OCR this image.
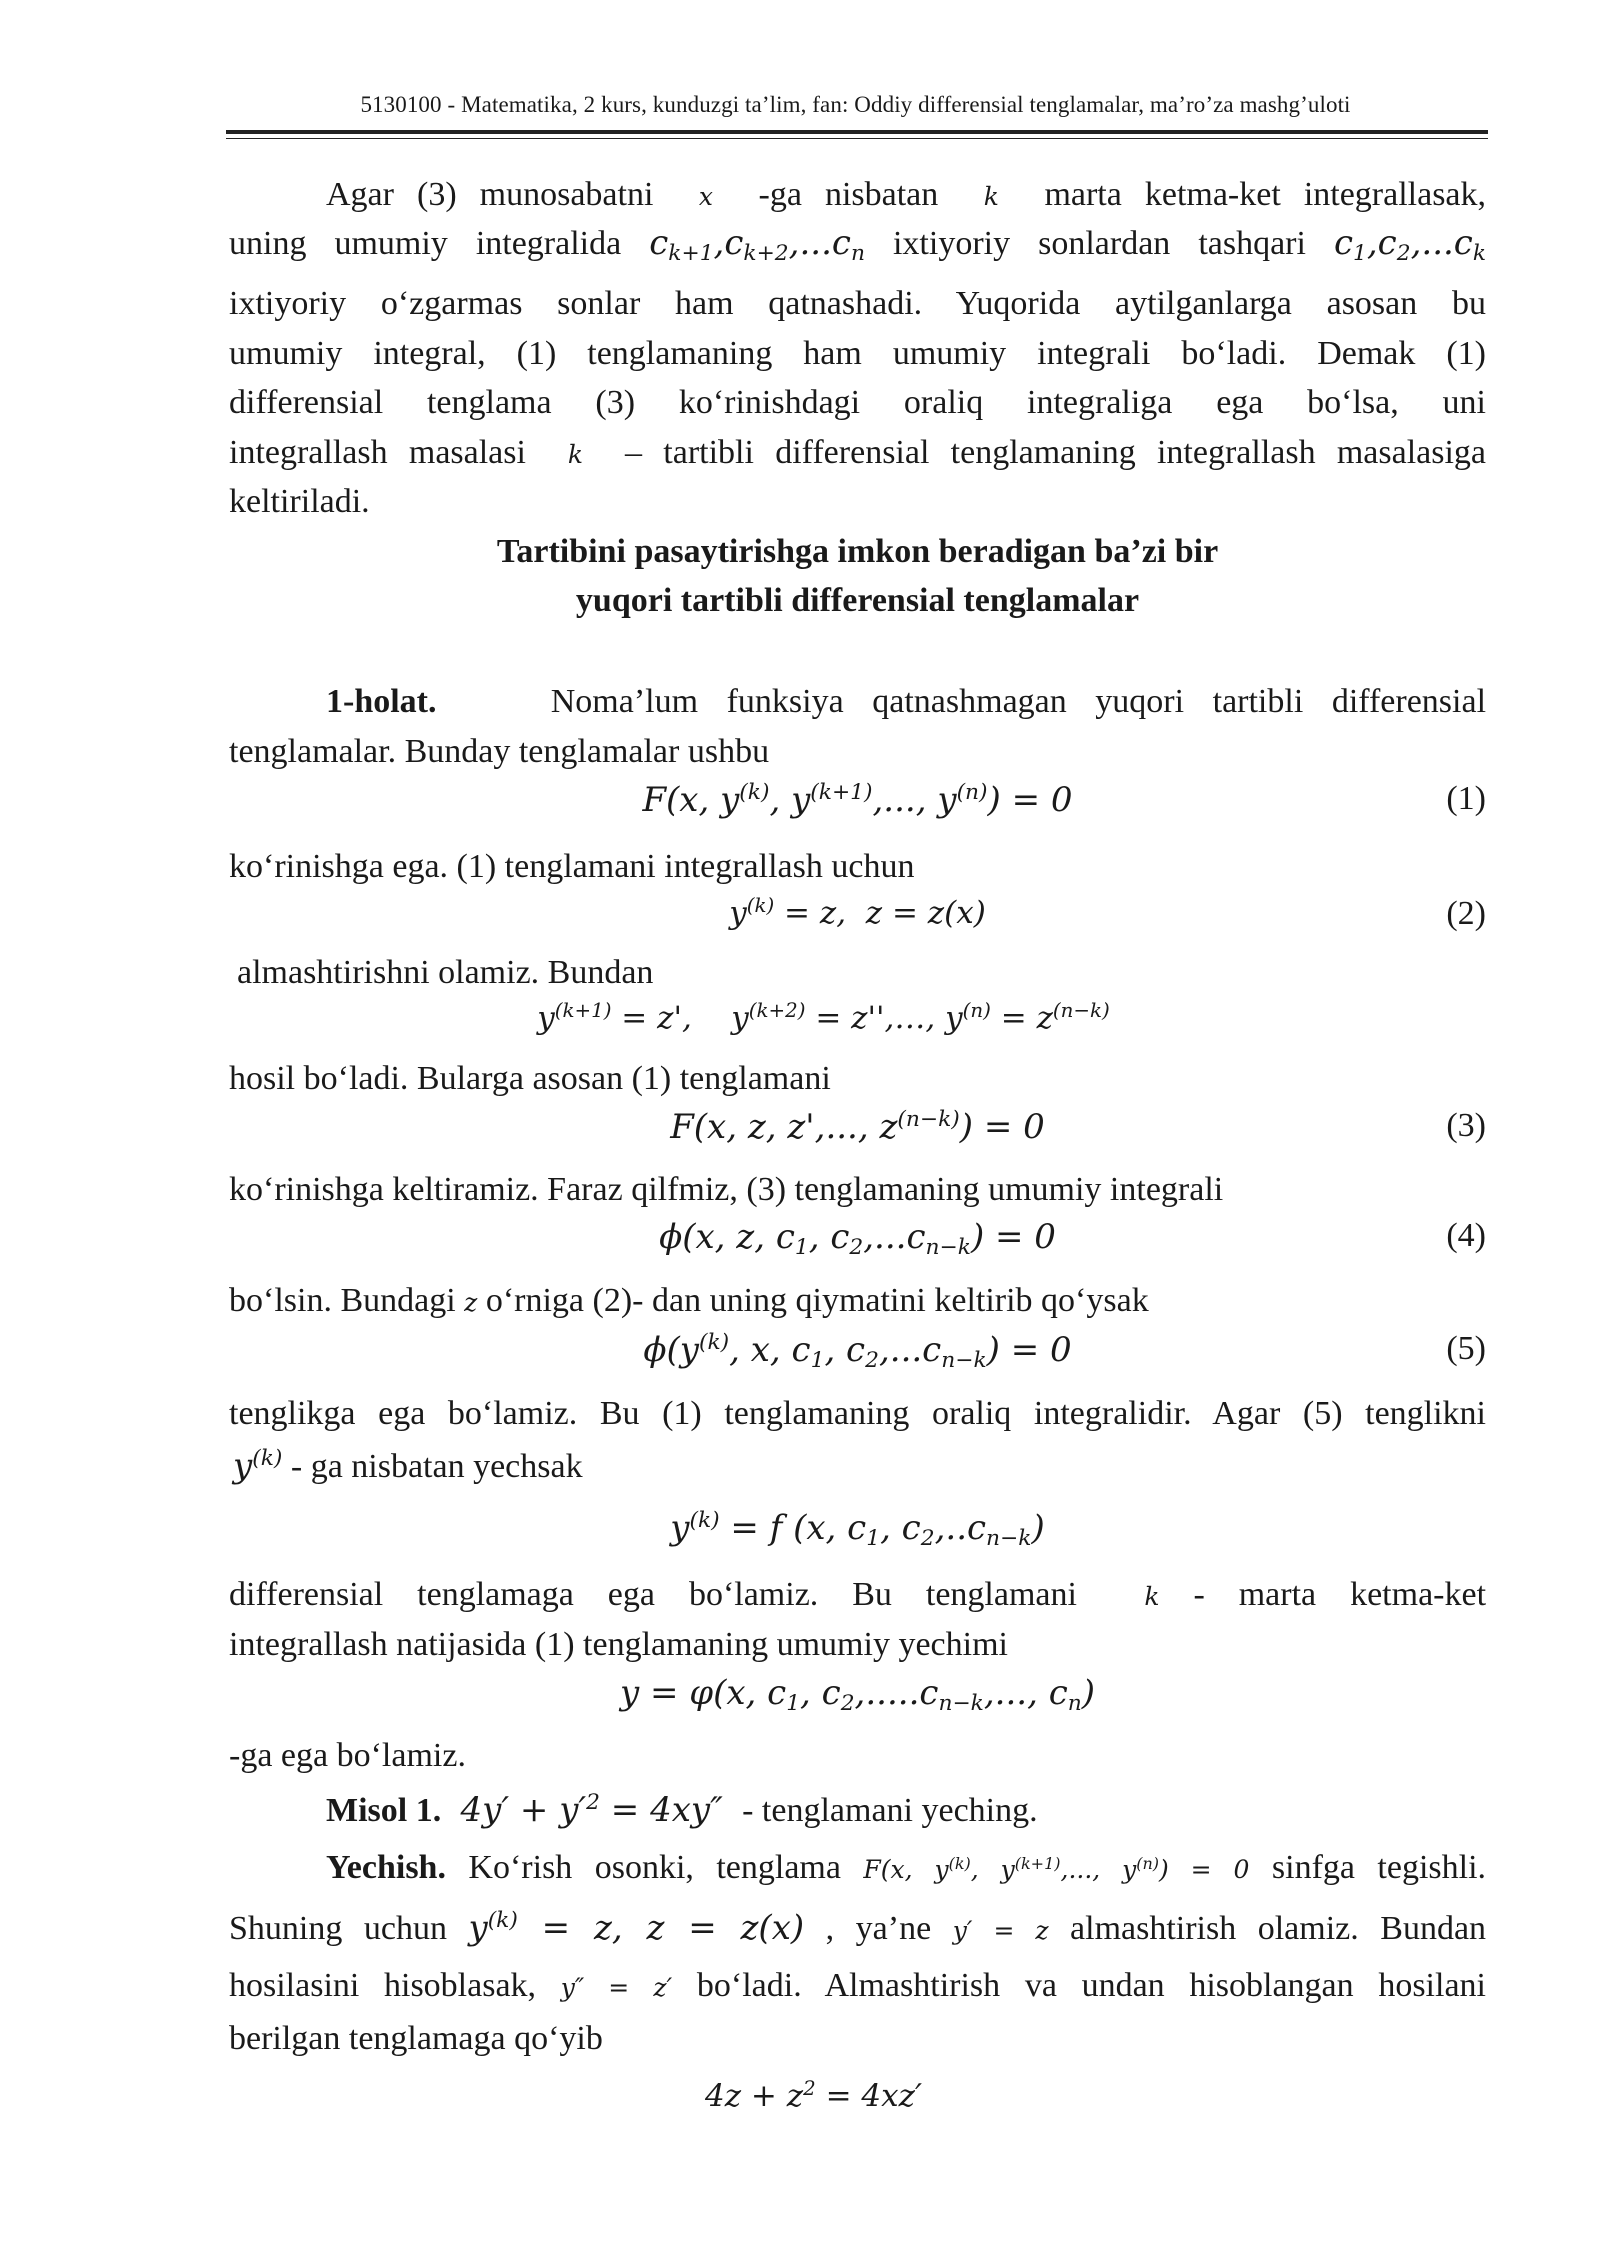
5130100 - Matematika, 2 kurs, kunduzgi ta’lim, fan: Oddiy differensial tenglamalar, ma’ro’za mashg’uloti
Agar (3) munosabatni  x  -ga nisbatan  k  marta ketma-ket integrallasak,
uning umumiy integralida $c_{k+1},c_{k+2},...c_n$ ixtiyoriy sonlardan tashqari $c_1,c_2,...c_k$
ixtiyoriy o‘zgarmas sonlar ham qatnashadi. Yuqorida aytilganlarga asosan bu
umumiy integral, (1) tenglamaning ham umumiy integrali bo‘ladi. Demak (1)
differensial tenglama (3) ko‘rinishdagi oraliq integraliga ega bo‘lsa, uni
integrallash masalasi  k  – tartibli differensial tenglamaning integrallash masalasiga
keltiriladi.
Tartibini pasaytirishga imkon beradigan ba’zi bir
yuqori tartibli differensial tenglamalar
1-holat.	Noma’lum funksiya qatnashmagan yuqori tartibli differensial
tenglamalar. Bunday tenglamalar ushbu
F(x, $y^{(k)}$, $y^{(k+1)}$,..., $y^{(n)}) = 0$	(1)
ko‘rinishga ega. (1) tenglamani integrallash uchun
$y^{(k)} = z$,  z = z(x)	(2)
almashtirishni olamiz. Bundan
$y^{(k+1)} = z'$,    $y^{(k+2)}$ = z'',…, $y^{(n)} = z^{(n-k)}$
hosil bo‘ladi. Bularga asosan (1) tenglamani
F(x, z, z',..., $z^{(n-k)}) = 0$	(3)
ko‘rinishga keltiramiz. Faraz qilfmiz, (3) tenglamaning umumiy integrali
ϕ(x, z, $c_1$, $c_2,...c_{n-k}) = 0$	(4)
bo‘lsin. Bundagi z o‘rniga (2)- dan uning qiymatini keltirib qo‘ysak
$\phi(y^{(k)}$, x, $c_1$, $c_2,...c_{n-k}) = 0$	(5)
tenglikga ega bo‘lamiz. Bu (1) tenglamaning oraliq integralidir. Agar (5) tenglikni
$y^{(k)}$ - ga nisbatan yechsak
$y^{(k)} = f$ (x, $c_1$, $c_2,..c_{n-k}$)
differensial tenglamaga ega bo‘lamiz. Bu tenglamani  k - marta ketma-ket
integrallash natijasida (1) tenglamaning umumiy yechimi
y = φ(x, $c_1$, $c_2,.....c_{n-k}$,..., $c_n$)
-ga ega bo‘lamiz.
Misol 1.  $4y' + y'^2 = 4xy''$  - tenglamani yeching.
Yechish. Ko‘rish osonki, tenglama F(x, $y^{(k)}$, $y^{(k+1)}$,..., $y^{(n)}) = 0$ sinfga tegishli.
Shuning uchun $y^{(k)} = z$, z = z(x) , ya’ne y′ = z almashtirish olamiz. Bundan
hosilasini hisoblasak, y″ = z′ bo‘ladi. Almashtirish va undan hisoblangan hosilani
berilgan tenglamaga qo‘yib
$4z + z^2 = 4xz'$
